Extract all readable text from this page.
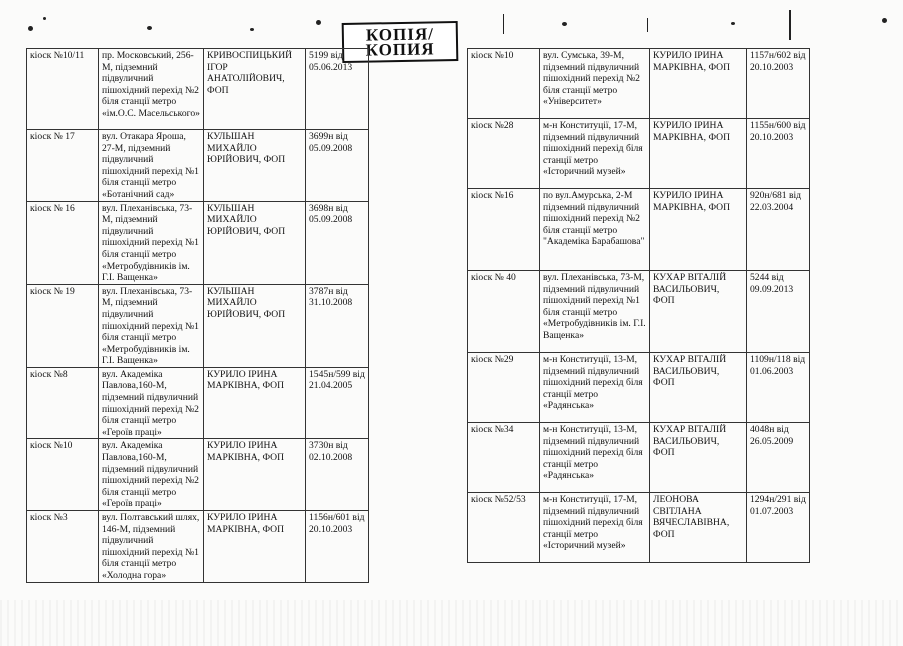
КОПІЯ/
КОПИЯ
кіоск №10/11	пр. Московський, 256-М, підземний підвуличний пішохідний перехід №2 біля станції метро «ім.О.С. Масельського»	КРИВОСПИЦЬКИЙ ІГОР АНАТОЛІЙОВИЧ, ФОП	5199 від 05.06.2013
кіоск № 17	вул. Отакара Яроша, 27-М, підземний підвуличний пішохідний перехід №1 біля станції метро «Ботанічний сад»	КУЛЬШАН МИХАЙЛО ЮРІЙОВИЧ, ФОП	3699н від 05.09.2008
кіоск № 16	вул. Плеханівська, 73-М, підземний підвуличний пішохідний перехід №1 біля станції метро «Метробудівників ім. Г.І. Ващенка»	КУЛЬШАН МИХАЙЛО ЮРІЙОВИЧ, ФОП	3698н від 05.09.2008
кіоск № 19	вул. Плеханівська, 73-М, підземний підвуличний пішохідний перехід №1 біля станції метро «Метробудівників ім. Г.І. Ващенка»	КУЛЬШАН МИХАЙЛО ЮРІЙОВИЧ, ФОП	3787н від 31.10.2008
кіоск №8	вул. Академіка Павлова,160-М, підземний підвуличний пішохідний перехід №2 біля станції метро «Героїв праці»	КУРИЛО ІРИНА МАРКІВНА, ФОП	1545н/599 від 21.04.2005
кіоск №10	вул. Академіка Павлова,160-М, підземний підвуличний пішохідний перехід №2 біля станції метро «Героїв праці»	КУРИЛО ІРИНА МАРКІВНА, ФОП	3730н від 02.10.2008
кіоск №3	вул. Полтавський шлях, 146-М, підземний підвуличний пішохідний перехід №1 біля станції метро «Холодна гора»	КУРИЛО ІРИНА МАРКІВНА, ФОП	1156н/601 від 20.10.2003
кіоск №10	вул. Сумська, 39-М, підземний підвуличний пішохідний перехід №2 біля станції метро «Університет»	КУРИЛО ІРИНА МАРКІВНА, ФОП	1157н/602 від 20.10.2003
кіоск №28	м-н Конституції, 17-М, підземний підвуличний пішохідний перехід біля станції метро «Історичний музей»	КУРИЛО ІРИНА МАРКІВНА, ФОП	1155н/600 від 20.10.2003
кіоск №16	по вул.Амурська, 2-М підземний підвуличний пішохідний перехід №2 біля станції метро "Академіка Барабашова"	КУРИЛО ІРИНА МАРКІВНА, ФОП	920н/681 від 22.03.2004
кіоск № 40	вул. Плеханівська, 73-М, підземний підвуличний пішохідний перехід №1 біля станції метро «Метробудівників ім. Г.І. Ващенка»	КУХАР ВІТАЛІЙ ВАСИЛЬОВИЧ, ФОП	5244 від 09.09.2013
кіоск №29	м-н Конституції, 13-М, підземний підвуличний пішохідний перехід біля станції метро «Радянська»	КУХАР ВІТАЛІЙ ВАСИЛЬОВИЧ, ФОП	1109н/118 від 01.06.2003
кіоск №34	м-н Конституції, 13-М, підземний підвуличний пішохідний перехід біля станції метро «Радянська»	КУХАР ВІТАЛІЙ ВАСИЛЬОВИЧ, ФОП	4048н від 26.05.2009
кіоск №52/53	м-н Конституції, 17-М, підземний підвуличний пішохідний перехід біля станції метро «Історичний музей»	ЛЕОНОВА СВІТЛАНА ВЯЧЕСЛАВІВНА, ФОП	1294н/291 від 01.07.2003
